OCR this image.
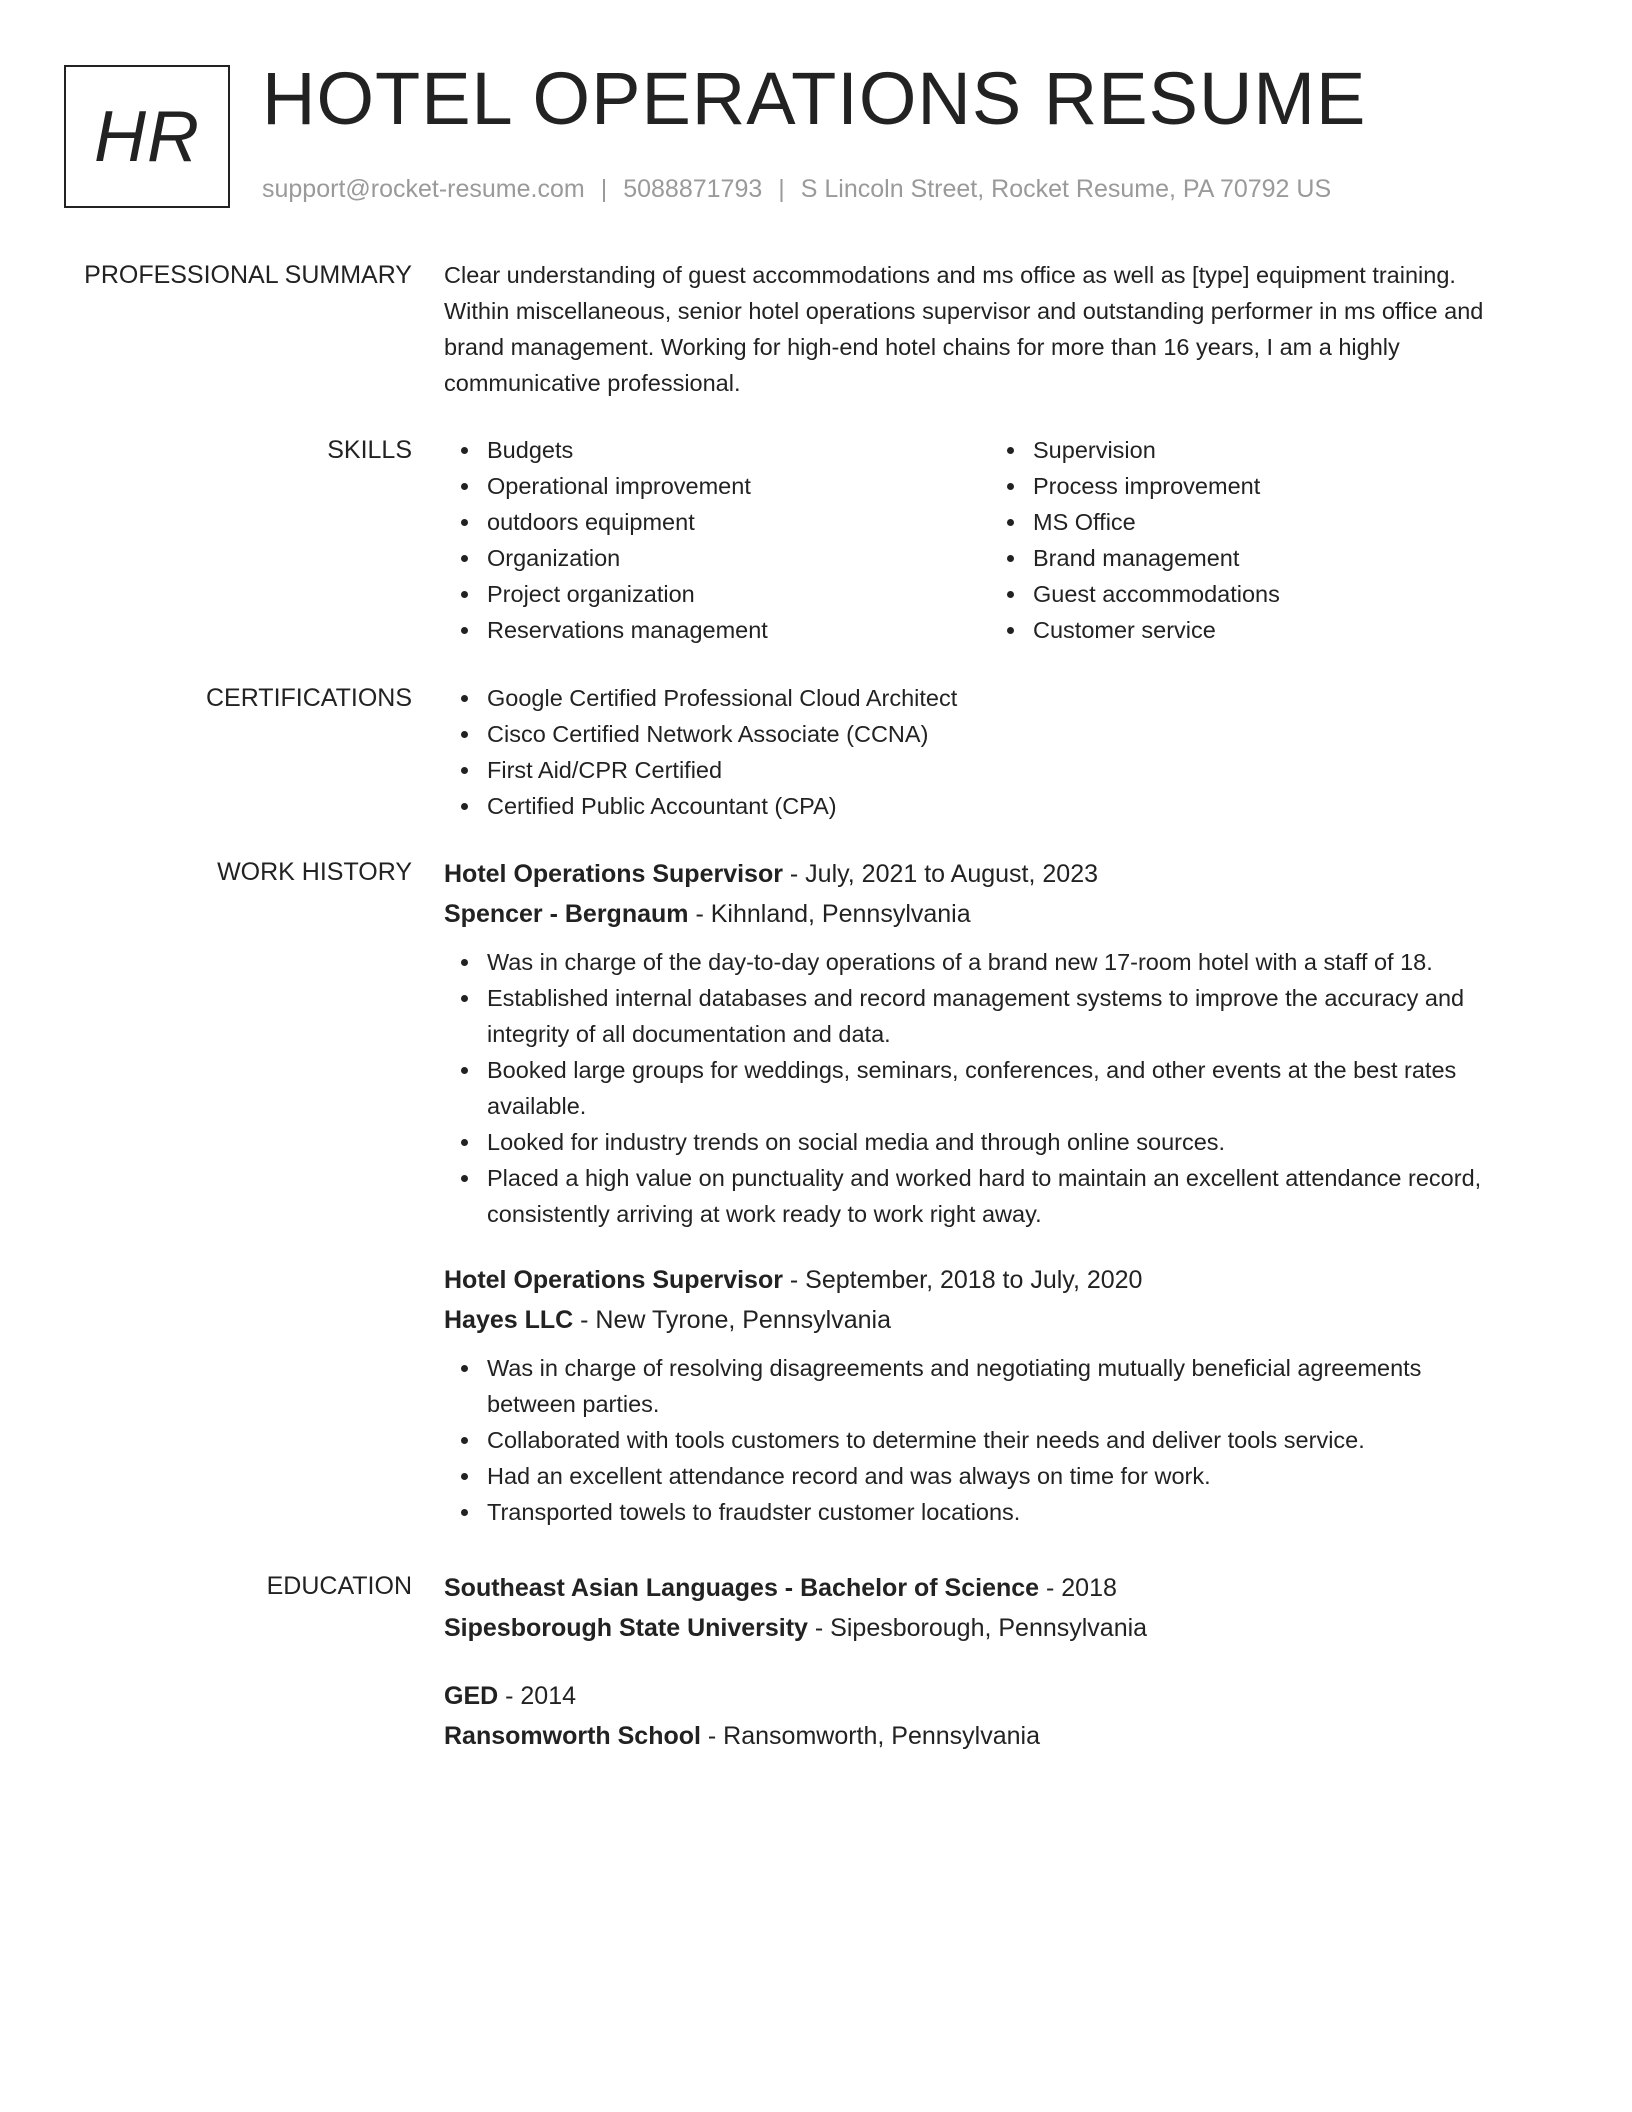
HR HOTEL OPERATIONS RESUME
support@rocket-resume.com | 5088871793 | S Lincoln Street, Rocket Resume, PA 70792 US
PROFESSIONAL SUMMARY Clear understanding of guest accommodations and ms office as well as [type] equipment training.
Within miscellaneous, senior hotel operations supervisor and outstanding performer in ms office and
brand management. Working for high-end hotel chains for more than 16 years, I am a highly
communicative professional.
SKILLS	Budgets
Operational improvement
outdoors equipment
Organization
Project organization
Reservations management
Supervision
Process improvement
MS Office
Brand management
Guest accommodations
Customer service
CERTIFICATIONS	Google Certified Professional Cloud Architect
Cisco Certified Network Associate (CCNA)
First Aid/CPR Certified
Certified Public Accountant (CPA)
WORK HISTORY Hotel Operations Supervisor - July, 2021 to August, 2023
Spencer - Bergnaum - Kihnland, Pennsylvania
Was in charge of the day-to-day operations of a brand new 17-room hotel with a staff of 18.
Established internal databases and record management systems to improve the accuracy and
integrity of all documentation and data.
Booked large groups for weddings, seminars, conferences, and other events at the best rates
available.
Looked for industry trends on social media and through online sources.
Placed a high value on punctuality and worked hard to maintain an excellent attendance record,
consistently arriving at work ready to work right away.
Hotel Operations Supervisor - September, 2018 to July, 2020
Hayes LLC - New Tyrone, Pennsylvania
Was in charge of resolving disagreements and negotiating mutually beneficial agreements
between parties.
Collaborated with tools customers to determine their needs and deliver tools service.
Had an excellent attendance record and was always on time for work.
Transported towels to fraudster customer locations.
EDUCATION Southeast Asian Languages - Bachelor of Science - 2018
Sipesborough State University - Sipesborough, Pennsylvania
GED - 2014
Ransomworth School - Ransomworth, Pennsylvania
